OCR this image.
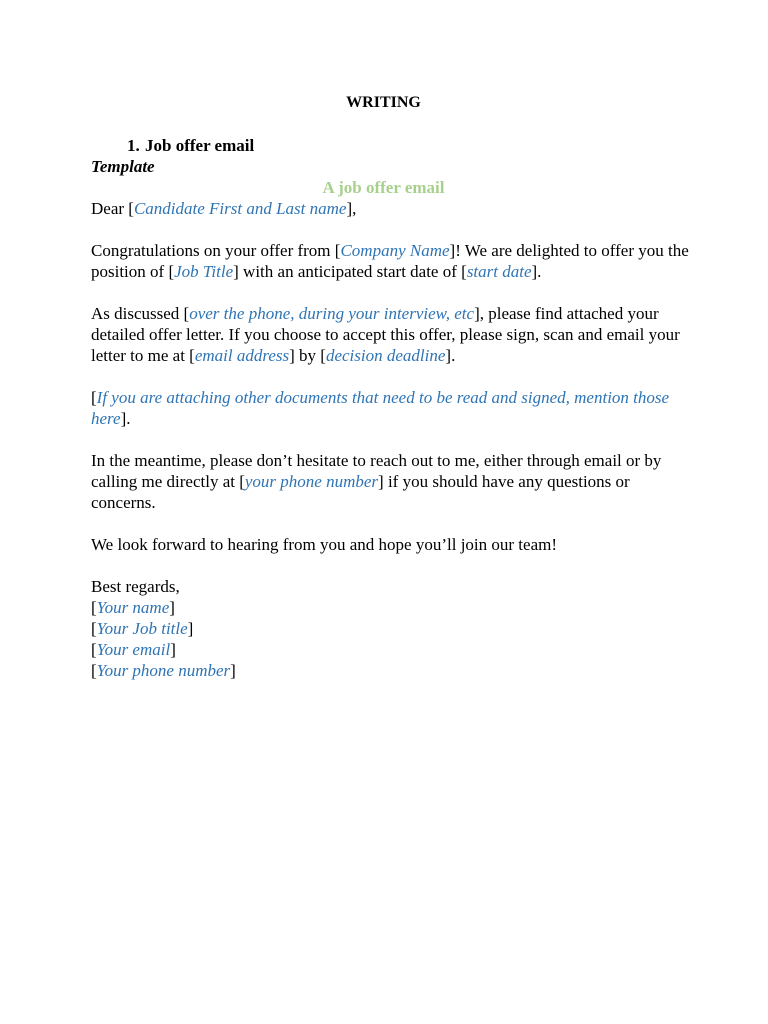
WRITING
1. Job offer email
Template
A job offer email

Dear [Candidate First and Last name],

Congratulations on your offer from [Company Name]! We are delighted to offer you the position of [Job Title] with an anticipated start date of [start date].

As discussed [over the phone, during your interview, etc], please find attached your detailed offer letter. If you choose to accept this offer, please sign, scan and email your letter to me at [email address] by [decision deadline].

[If you are attaching other documents that need to be read and signed, mention those here].

In the meantime, please don’t hesitate to reach out to me, either through email or by calling me directly at [your phone number] if you should have any questions or concerns.

We look forward to hearing from you and hope you’ll join our team!

Best regards,
[Your name]
[Your Job title]
[Your email]
[Your phone number]
